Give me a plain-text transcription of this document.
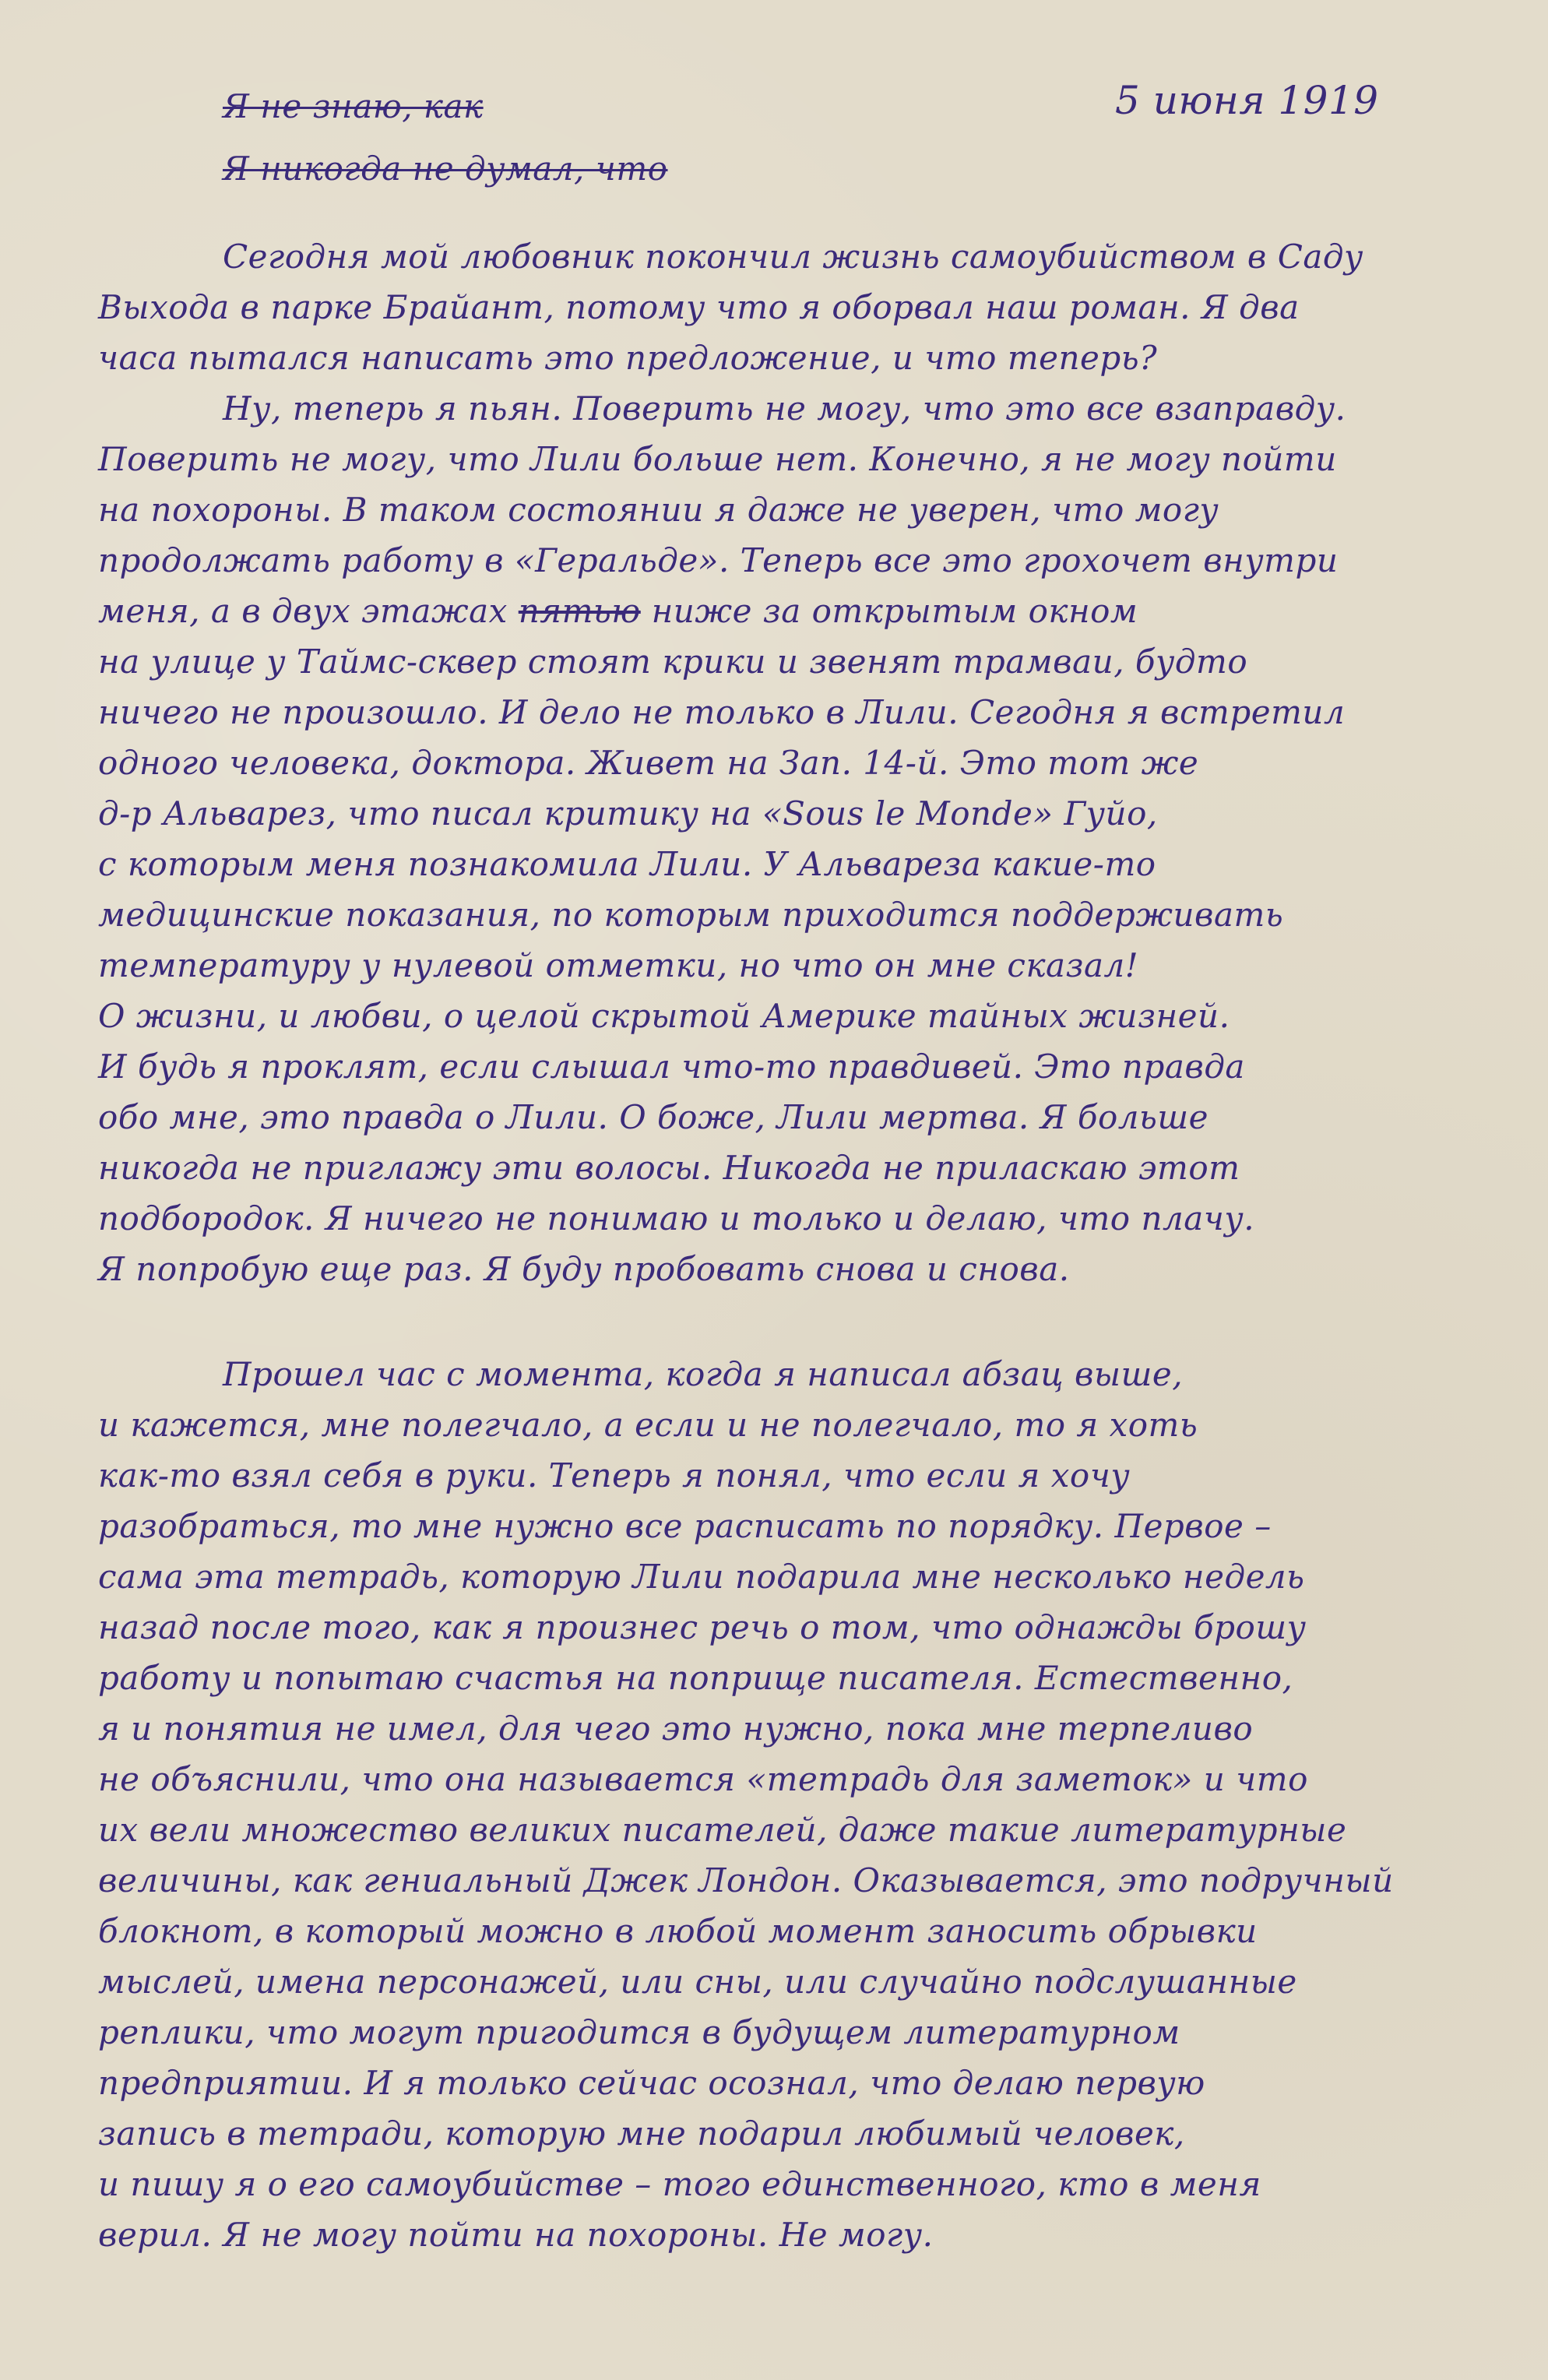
5 июня 1919
Я не знаю, как
Я никогда не думал, что
Сегодня мой любовник покончил жизнь самоубийством в Саду
Выхода в парке Брайант, потому что я оборвал наш роман. Я два
часа пытался написать это предложение, и что теперь?
Ну, теперь я пьян. Поверить не могу, что это все взаправду.
Поверить не могу, что Лили больше нет. Конечно, я не могу пойти
на похороны. В таком состоянии я даже не уверен, что могу
продолжать работу в «Геральде». Теперь все это грохочет внутри
меня, а в двух этажах пятью ниже за открытым окном
на улице у Таймс-сквер стоят крики и звенят трамваи, будто
ничего не произошло. И дело не только в Лили. Сегодня я встретил
одного человека, доктора. Живет на Зап. 14-й. Это тот же
д-р Альварез, что писал критику на «Sous le Monde» Гуйо,
с которым меня познакомила Лили. У Альвареза какие-то
медицинские показания, по которым приходится поддерживать
температуру у нулевой отметки, но что он мне сказал!
О жизни, и любви, о целой скрытой Америке тайных жизней.
И будь я проклят, если слышал что-то правдивей. Это правда
обо мне, это правда о Лили. О боже, Лили мертва. Я больше
никогда не приглажу эти волосы. Никогда не приласкаю этот
подбородок. Я ничего не понимаю и только и делаю, что плачу.
Я попробую еще раз. Я буду пробовать снова и снова.
Прошел час с момента, когда я написал абзац выше,
и кажется, мне полегчало, а если и не полегчало, то я хоть
как-то взял себя в руки. Теперь я понял, что если я хочу
разобраться, то мне нужно все расписать по порядку. Первое –
сама эта тетрадь, которую Лили подарила мне несколько недель
назад после того, как я произнес речь о том, что однажды брошу
работу и попытаю счастья на поприще писателя. Естественно,
я и понятия не имел, для чего это нужно, пока мне терпеливо
не объяснили, что она называется «тетрадь для заметок» и что
их вели множество великих писателей, даже такие литературные
величины, как гениальный Джек Лондон. Оказывается, это подручный
блокнот, в который можно в любой момент заносить обрывки
мыслей, имена персонажей, или сны, или случайно подслушанные
реплики, что могут пригодится в будущем литературном
предприятии. И я только сейчас осознал, что делаю первую
запись в тетради, которую мне подарил любимый человек,
и пишу я о его самоубийстве – того единственного, кто в меня
верил. Я не могу пойти на похороны. Не могу.
